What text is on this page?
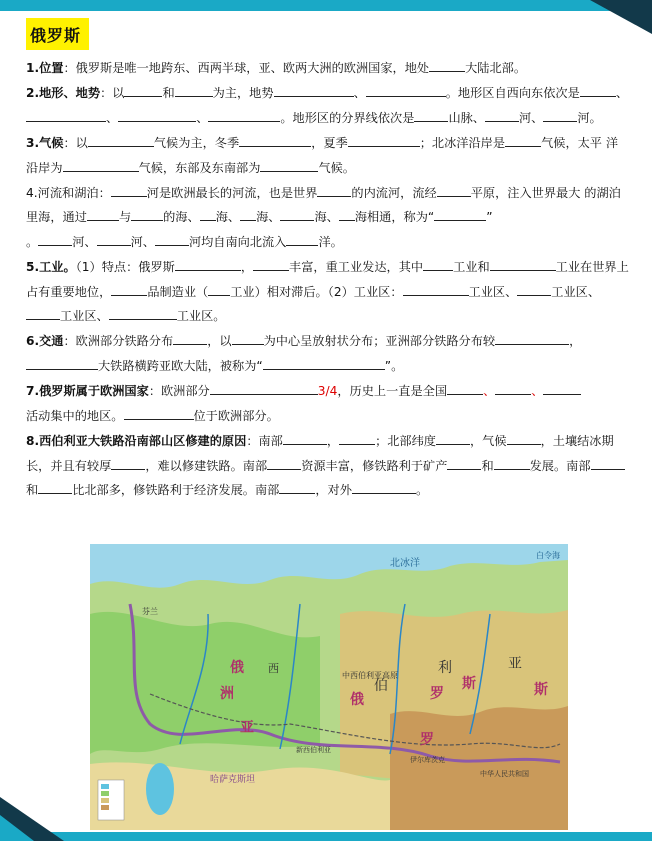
俄罗斯

1.位置：俄罗斯是唯一地跨东、西两半球，亚、欧两大洲的欧洲国家，地处	大陆北部。

2.地形、地势：以	和	为主，地势	、	。地形区自西向东依次是	、、	、	。地形区的分界线依次是	山脉、	河、	河。

3.气候：以	气候为主，冬季	，夏季	；北冰洋沿岸是	气候，太平 洋沿岸为	气候，东部及东南部为	气候。

4.河流和湖泊：	河是欧洲最长的河流，也是世界	的内流河，流经	平原，注入世界最大 的湖泊里海，通过	与	的海、 海、 海、	海、 海相通，称为“	”
。	河、	河、	河均自南向北流入	洋。

5.工业。（1）特点：俄罗斯	，	丰富，重工业发达，其中 工业和	工业在世界上占有重要地位，	品制造业（ 工业）相对滞后。（2）工业区：	工业区、	工业区、工业区、	工业区。

6.交通：欧洲部分铁路分布	，以	为中心呈放射状分布；亚洲部分铁路分布较	，大铁路横跨亚欧大陆，被称为“	”。

7.俄罗斯属于欧洲国家：欧洲部分	3/4，历史上一直是全国	、	、
活动集中的地区。	位于欧洲部分。

8.西伯利亚大铁路沿南部山区修建的原因：南部	，	；北部纬度	，气候	，土壤结冰期长，并且有较厚	，难以修建铁路。南部	资源丰富，修铁路利于矿产	和	发展。南部和	比北部多，修铁路利于经济发展。南部	，对外	。

北冰洋
白令海
俄
亚
洲
西
伯
利	亚
俄	罗
斯
罗
斯
中西伯利亚高原
新西伯利亚
伊尔库茨克
中华人民共和国
哈萨克斯坦
芬兰
